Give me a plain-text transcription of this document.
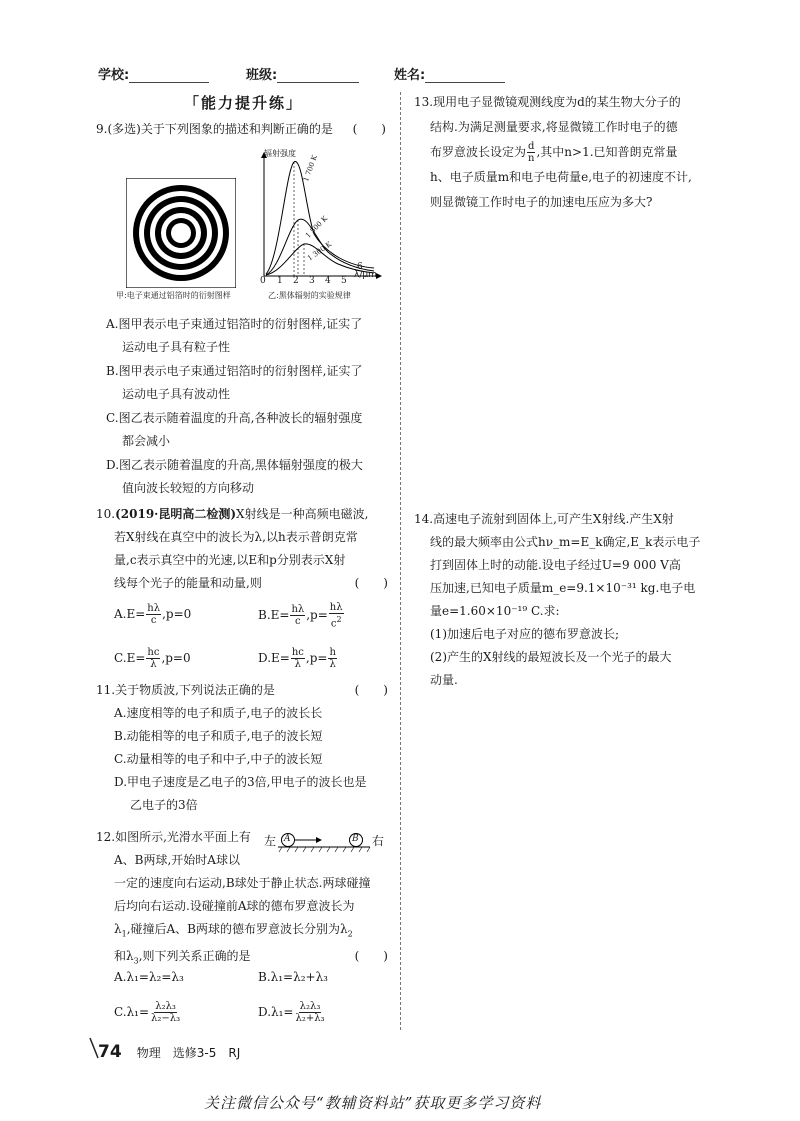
学校:	班级:	姓名:
「能力提升练」
9.(多选)关于下列图象的描述和判断正确的是 (　　)
甲:电子束通过铝箔时的衍射图样
辐射强度
λ/μm
0 1 2 3 4 5
6
1 700 K
1 500 K
1 300 K
乙:黑体辐射的实验规律
A.图甲表示电子束通过铝箔时的衍射图样,证实了
运动电子具有粒子性
B.图甲表示电子束通过铝箔时的衍射图样,证实了
运动电子具有波动性
C.图乙表示随着温度的升高,各种波长的辐射强度
都会减小
D.图乙表示随着温度的升高,黑体辐射强度的极大
值向波长较短的方向移动
10.(2019·昆明高二检测)X射线是一种高频电磁波,
若X射线在真空中的波长为λ,以h表示普朗克常
量,c表示真空中的光速,以E和p分别表示X射
线每个光子的能量和动量,则	(　　)
$A.E= \frac{h\lambda}{c} ,p=0$	$B.E= \frac{h\lambda}{c} ,p= \frac{h\lambda}{c^2}$
$C.E= \frac{hc}{\lambda} ,p=0$	$D.E= \frac{hc}{\lambda} ,p= \frac{h}{\lambda}$
11.关于物质波,下列说法正确的是	(　　)
A.速度相等的电子和质子,电子的波长长
B.动能相等的电子和质子,电子的波长短
C.动量相等的电子和中子,中子的波长短
D.甲电子速度是乙电子的3倍,甲电子的波长也是
乙电子的3倍
12.如图所示,光滑水平面上有
A、B两球,开始时A球以
一定的速度向右运动,B球处于静止状态.两球碰撞
后均向右运动.设碰撞前A球的德布罗意波长为
$\lambda_1$,碰撞后A、B两球的德布罗意波长分别为$\lambda_2$
和$\lambda_3$,则下列关系正确的是	(　　)
左	右
A	B
A.λ₁=λ₂=λ₃	B.λ₁=λ₂+λ₃
$C.\lambda_1= \frac{\text{λ₂λ₃}}{\text{λ₂−λ₃}}$	$D.\lambda_1= \frac{\text{λ₂λ₃}}{\text{λ₂+λ₃}}$
13.现用电子显微镜观测线度为d的某生物大分子的
结构.为满足测量要求,将显微镜工作时电子的德
布罗意波长设定为 $\frac{d}{n}$ ,其中n>1.已知普朗克常量
h、电子质量m和电子电荷量e,电子的初速度不计,
则显微镜工作时电子的加速电压应为多大?
14.高速电子流射到固体上,可产生X射线.产生X射
线的最大频率由公式hν_m=E_k确定,E_k表示电子
打到固体上时的动能.设电子经过U=9 000 V高
压加速,已知电子质量m_e=9.1×10⁻³¹ kg.电子电
量e=1.60×10⁻¹⁹ C.求:
(1)加速后电子对应的德布罗意波长;
(2)产生的X射线的最短波长及一个光子的最大
动量.
74 物理　选修3-5　RJ
关注微信公众号“教辅资料站”获取更多学习资料
